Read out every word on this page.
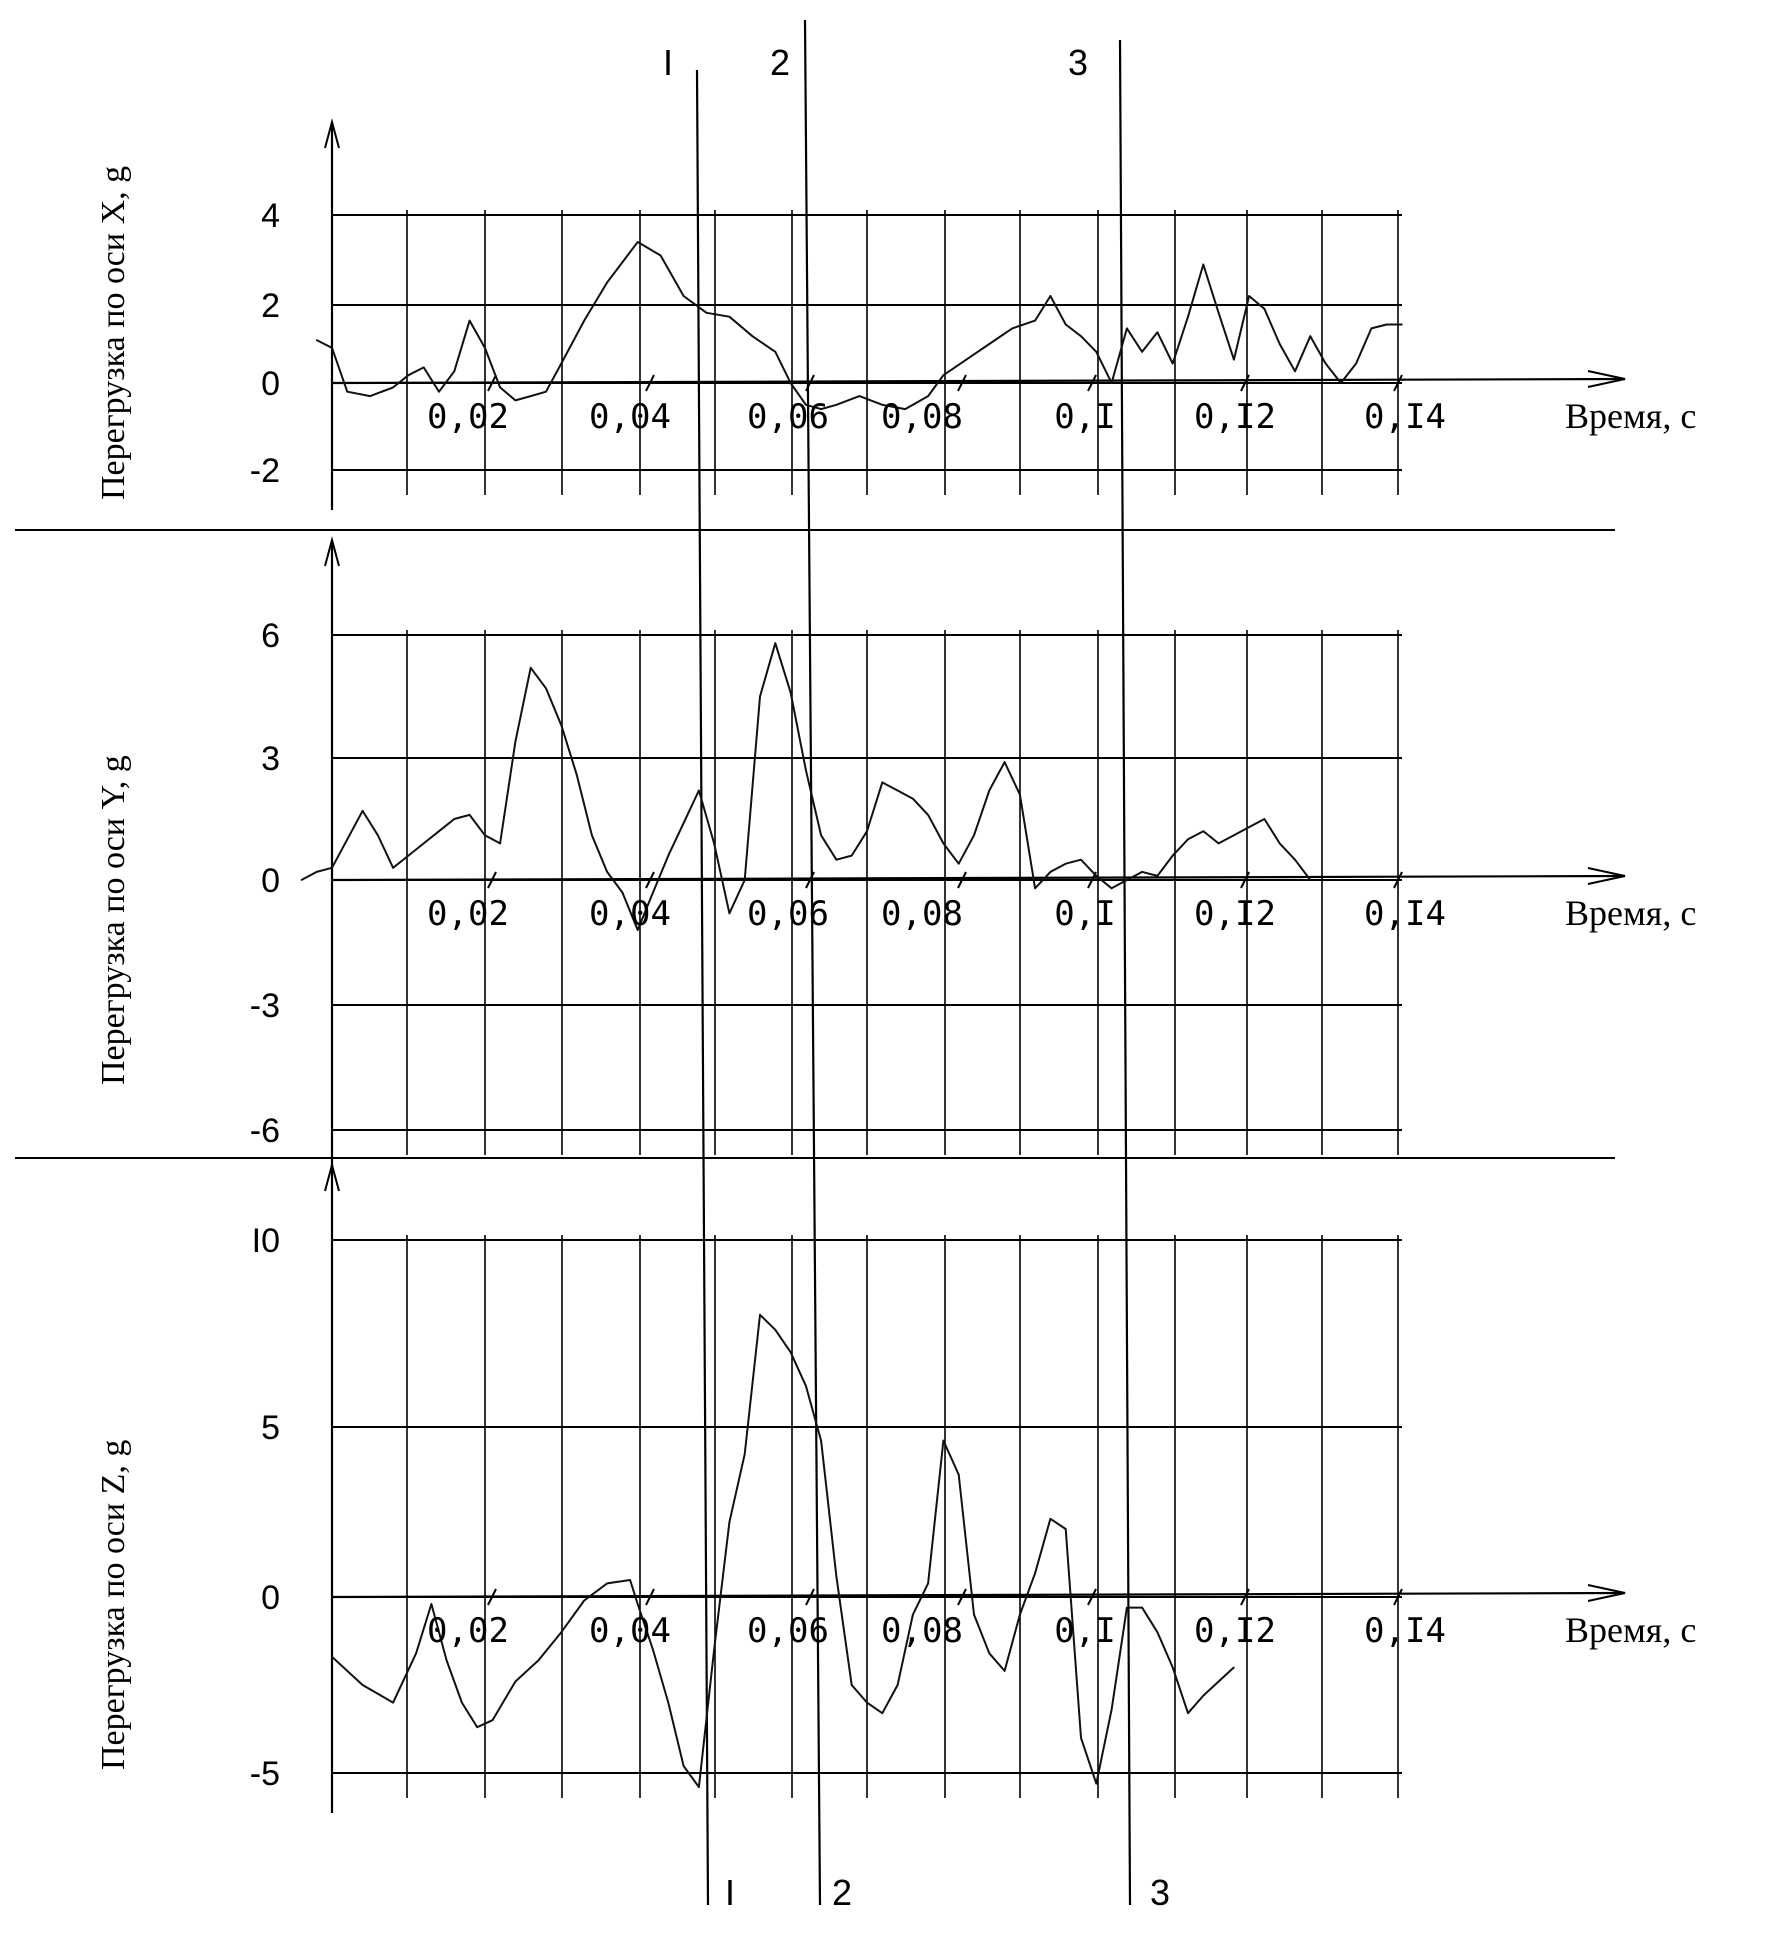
4
2
0
-2
0,02 0,04 0,06 0,08	0,I 0,I2	0,I4	Время, с
6
3
0
-3
-6
0,02 0,04 0,06 0,08	0,I 0,I2	0,I4	Время, с
I0
5
0
-5
0,02 0,04 0,06 0,08	0,I 0,I2	0,I4	Время, с
I
I
2
2
3
3
Перегрузка по оси X, g
Перегрузка по оси Y, g
Перегрузка по оси Z, g
